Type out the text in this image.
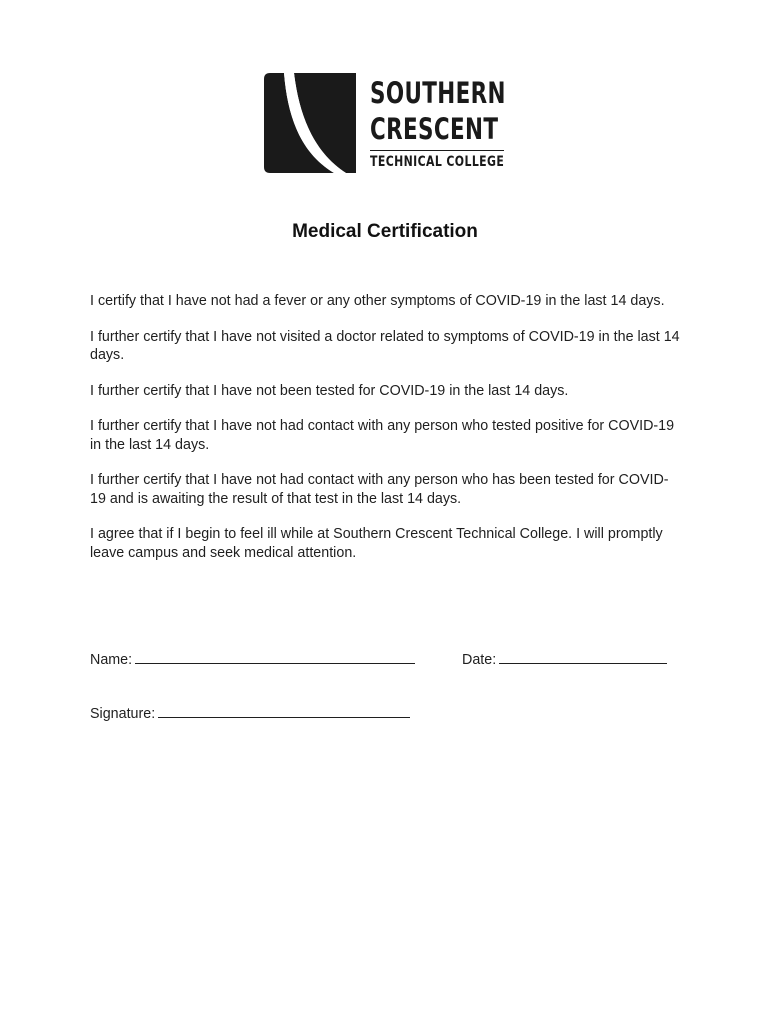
SOUTHERN
CRESCENT
TECHNICAL COLLEGE
Medical Certification

I certify that I have not had a fever or any other symptoms of COVID-19 in the last 14 days.

I further certify that I have not visited a doctor related to symptoms of COVID-19 in the last 14 days.

I further certify that I have not been tested for COVID-19 in the last 14 days.

I further certify that I have not had contact with any person who tested positive for COVID-19 in the last 14 days.

I further certify that I have not had contact with any person who has been tested for COVID-19 and is awaiting the result of that test in the last 14 days.

I agree that if I begin to feel ill while at Southern Crescent Technical College. I will promptly leave campus and seek medical attention.

Name:	Date:
Signature:
